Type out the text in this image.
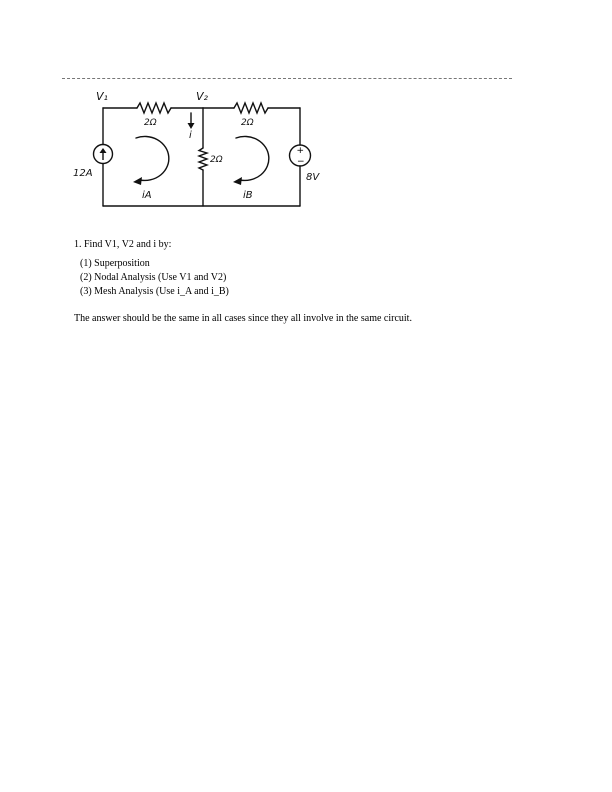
V₁	V₂
2Ω	2Ω
2Ω
i
12A	8V
iA	iB
+
−
1. Find V1, V2 and i by:
(1) Superposition
(2) Nodal Analysis (Use V1 and V2)
(3) Mesh Analysis (Use i_A and i_B)
The answer should be the same in all cases since they all involve in the same circuit.
